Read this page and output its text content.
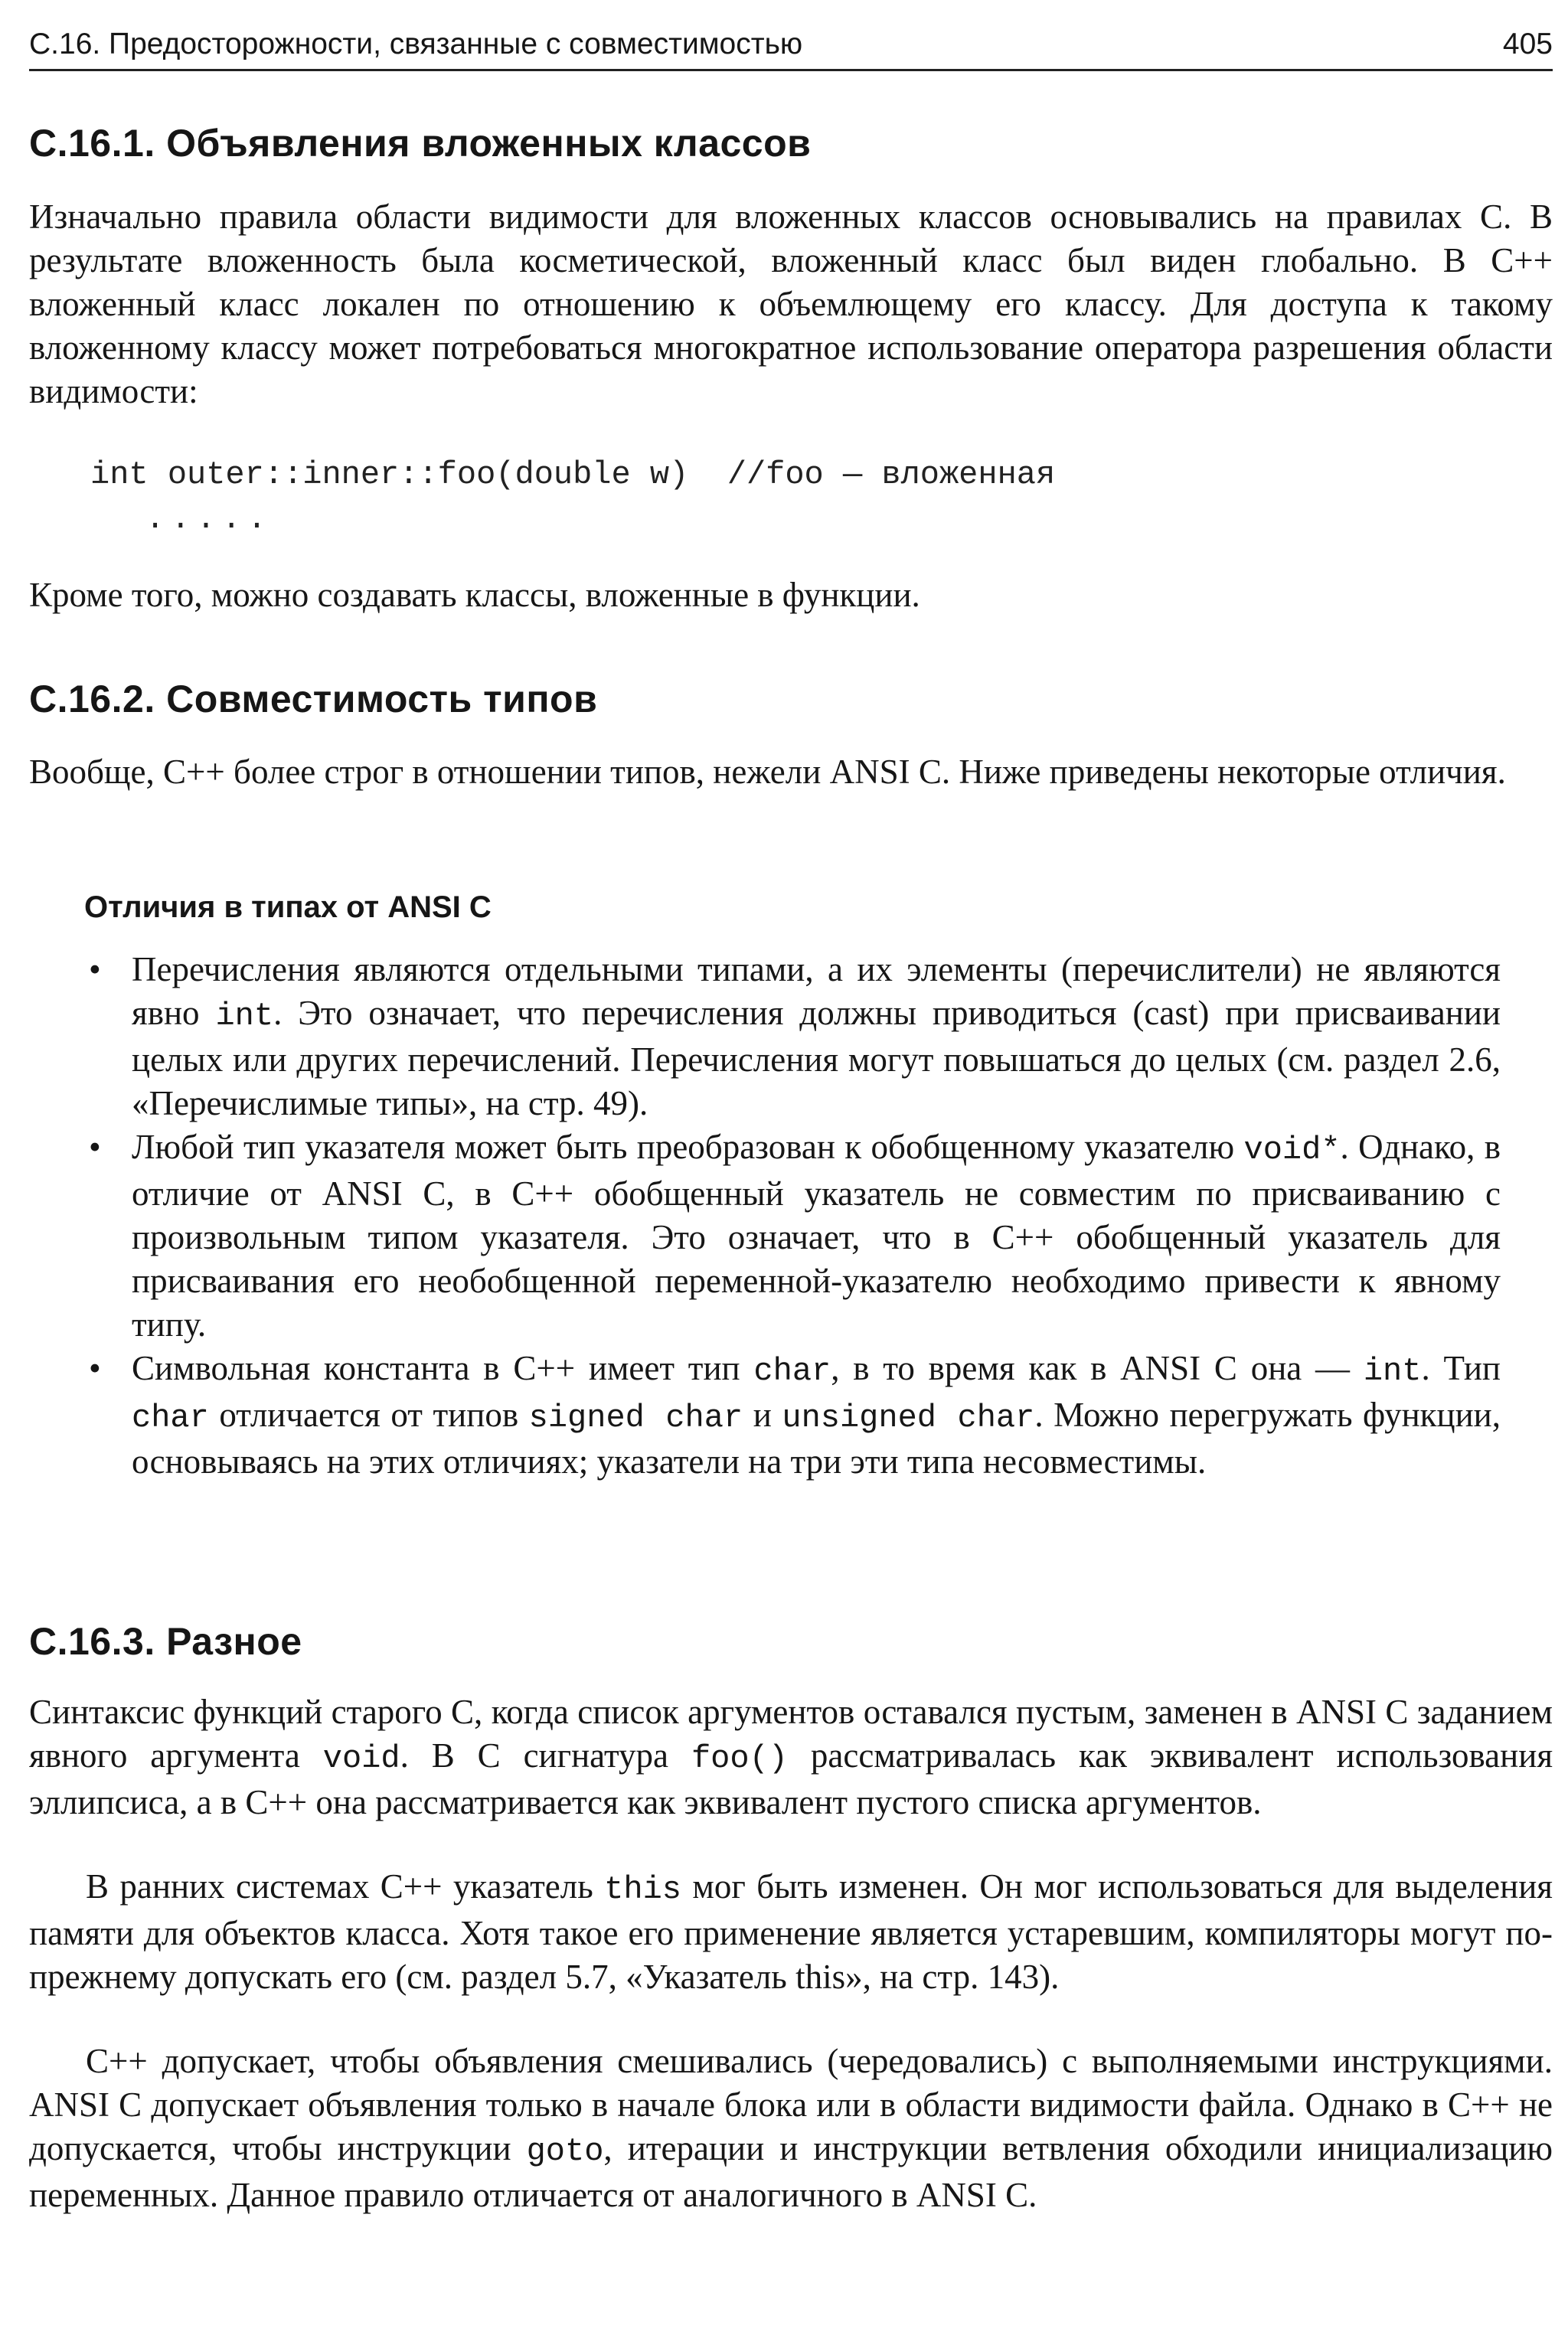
С.16. Предосторожности, связанные с совместимостью	405
С.16.1. Объявления вложенных классов

Изначально правила области видимости для вложенных классов основывались на правилах С. В результате вложенность была косметической, вложенный класс был виден глобально. В С++ вложенный класс локален по отношению к объемлющему его классу. Для доступа к такому вложенному классу может потребоваться многократное использование оператора разрешения области видимости:

int outer::inner::foo(double w)  //foo — вложенная
.....

Кроме того, можно создавать классы, вложенные в функции.

С.16.2. Совместимость типов

Вообще, С++ более строг в отношении типов, нежели ANSI С. Ниже приведены некоторые отличия.

Отличия в типах от ANSI С
• Перечисления являются отдельными типами, а их элементы (перечислители) не являются явно int. Это означает, что перечисления должны приводиться (cast) при присваивании целых или других перечислений. Перечисления могут повышаться до целых (см. раздел 2.6, «Перечислимые типы», на стр. 49).
• Любой тип указателя может быть преобразован к обобщенному указателю void*. Однако, в отличие от ANSI С, в С++ обобщенный указатель не совместим по присваиванию с произвольным типом указателя. Это означает, что в С++ обобщенный указатель для присваивания его необобщенной переменной-указателю необходимо привести к явному типу.
• Символьная константа в С++ имеет тип char, в то время как в ANSI С она — int. Тип char отличается от типов signed char и unsigned char. Можно перегружать функции, основываясь на этих отличиях; указатели на три эти типа несовместимы.
С.16.3. Разное

Синтаксис функций старого С, когда список аргументов оставался пустым, заменен в ANSI С заданием явного аргумента void. В С сигнатура foo() рассматривалась как эквивалент использования эллипсиса, а в С++ она рассматривается как эквивалент пустого списка аргументов.

В ранних системах С++ указатель this мог быть изменен. Он мог использоваться для выделения памяти для объектов класса. Хотя такое его применение является устаревшим, компиляторы могут по-прежнему допускать его (см. раздел 5.7, «Указатель this», на стр. 143).

С++ допускает, чтобы объявления смешивались (чередовались) с выполняемыми инструкциями. ANSI С допускает объявления только в начале блока или в области видимости файла. Однако в С++ не допускается, чтобы инструкции goto, итерации и инструкции ветвления обходили инициализацию переменных. Данное правило отличается от аналогичного в ANSI С.
